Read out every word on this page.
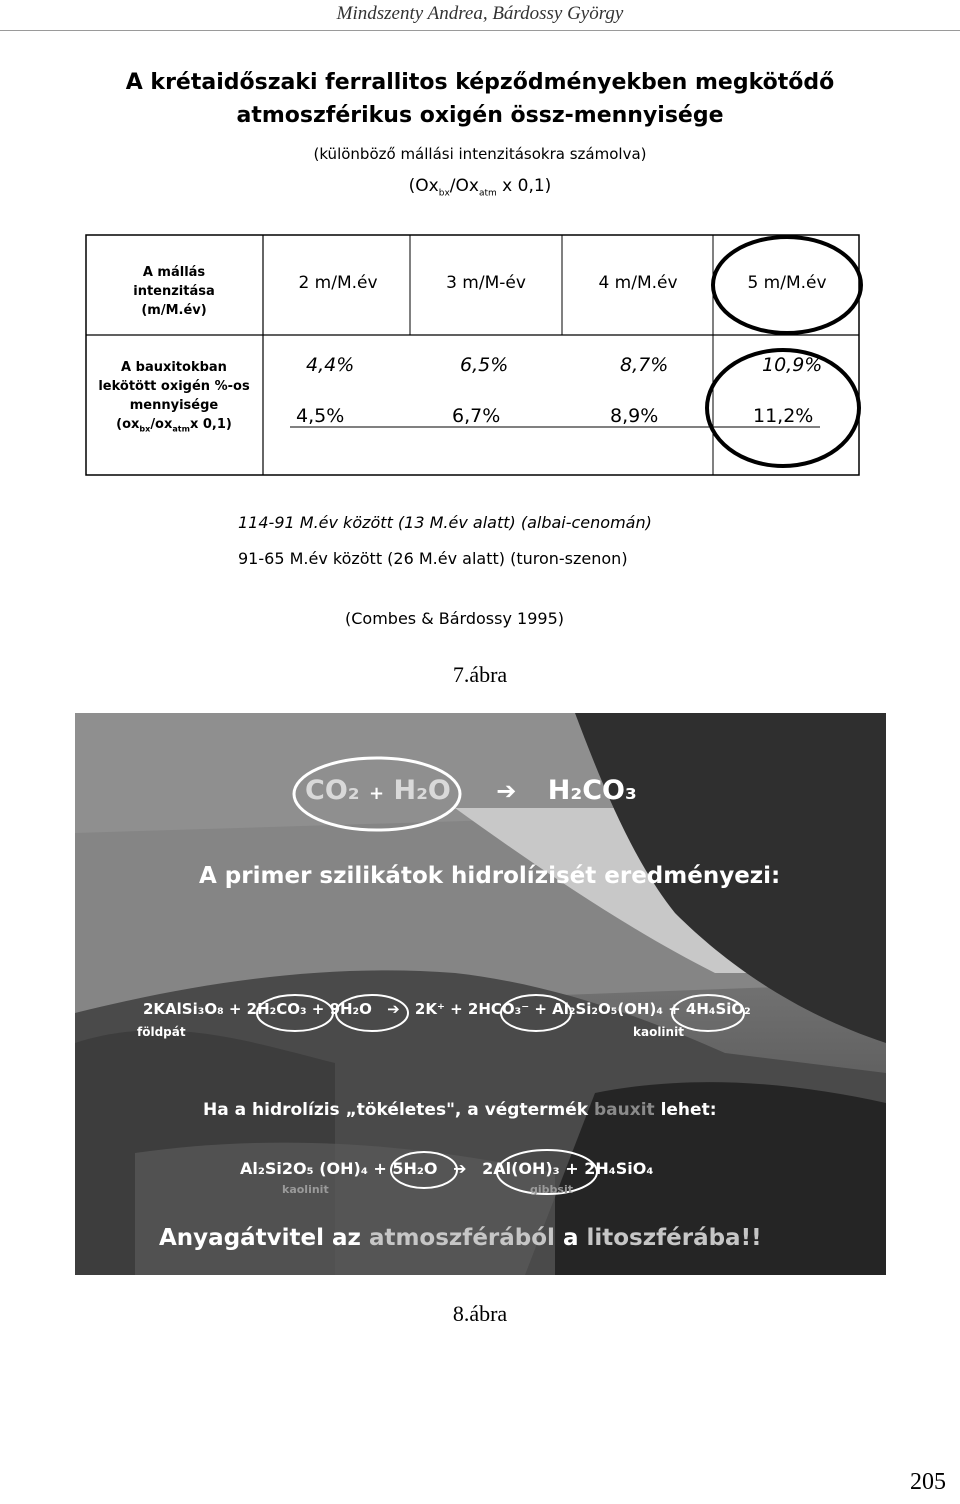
Mindszenty Andrea, Bárdossy György
A krétaidőszaki ferrallitos képződményekben megkötődő
atmoszférikus oxigén össz-mennyisége
(különböző mállási intenzitásokra számolva)
($Ox_{bx}/Ox_{atm}$ x 0,1)
A mállás
intenzitása
(m/M.év)
2 m/M.év	3 m/M-év	4 m/M.év	5 m/M.év
A bauxitokban
lekötött oxigén %-os
mennyisége
($ox_{bx}/ox_{atm}x$ 0,1)
4,4%	6,5%	8,7%	10,9%
4,5%	6,7%	8,9%	11,2%
114-91 M.év között (13 M.év alatt) (albai-cenomán)
91-65 M.év között (26 M.év alatt) (turon-szenon)
(Combes & Bárdossy 1995)
7.ábra
CO₂ + H₂O ➔ H₂CO₃
A primer szilikátok hidrolízisét eredményezi:
2KAlSi₃O₈ + 2H₂CO₃ + 9H₂O ➔ 2K⁺ + 2HCO₃⁻ + Al₂Si₂O₅(OH)₄ + 4H₄SiO₂
földpát	kaolinit
Ha a hidrolízis „tökéletes", a végtermék bauxit lehet:
Al₂Si2O₅ (OH)₄ + 5H₂O ➔ 2Al(OH)₃ + 2H₄SiO₄
kaolinit	gibbsit
Anyagátvitel az atmoszférából a litoszférába!!
8.ábra
205
